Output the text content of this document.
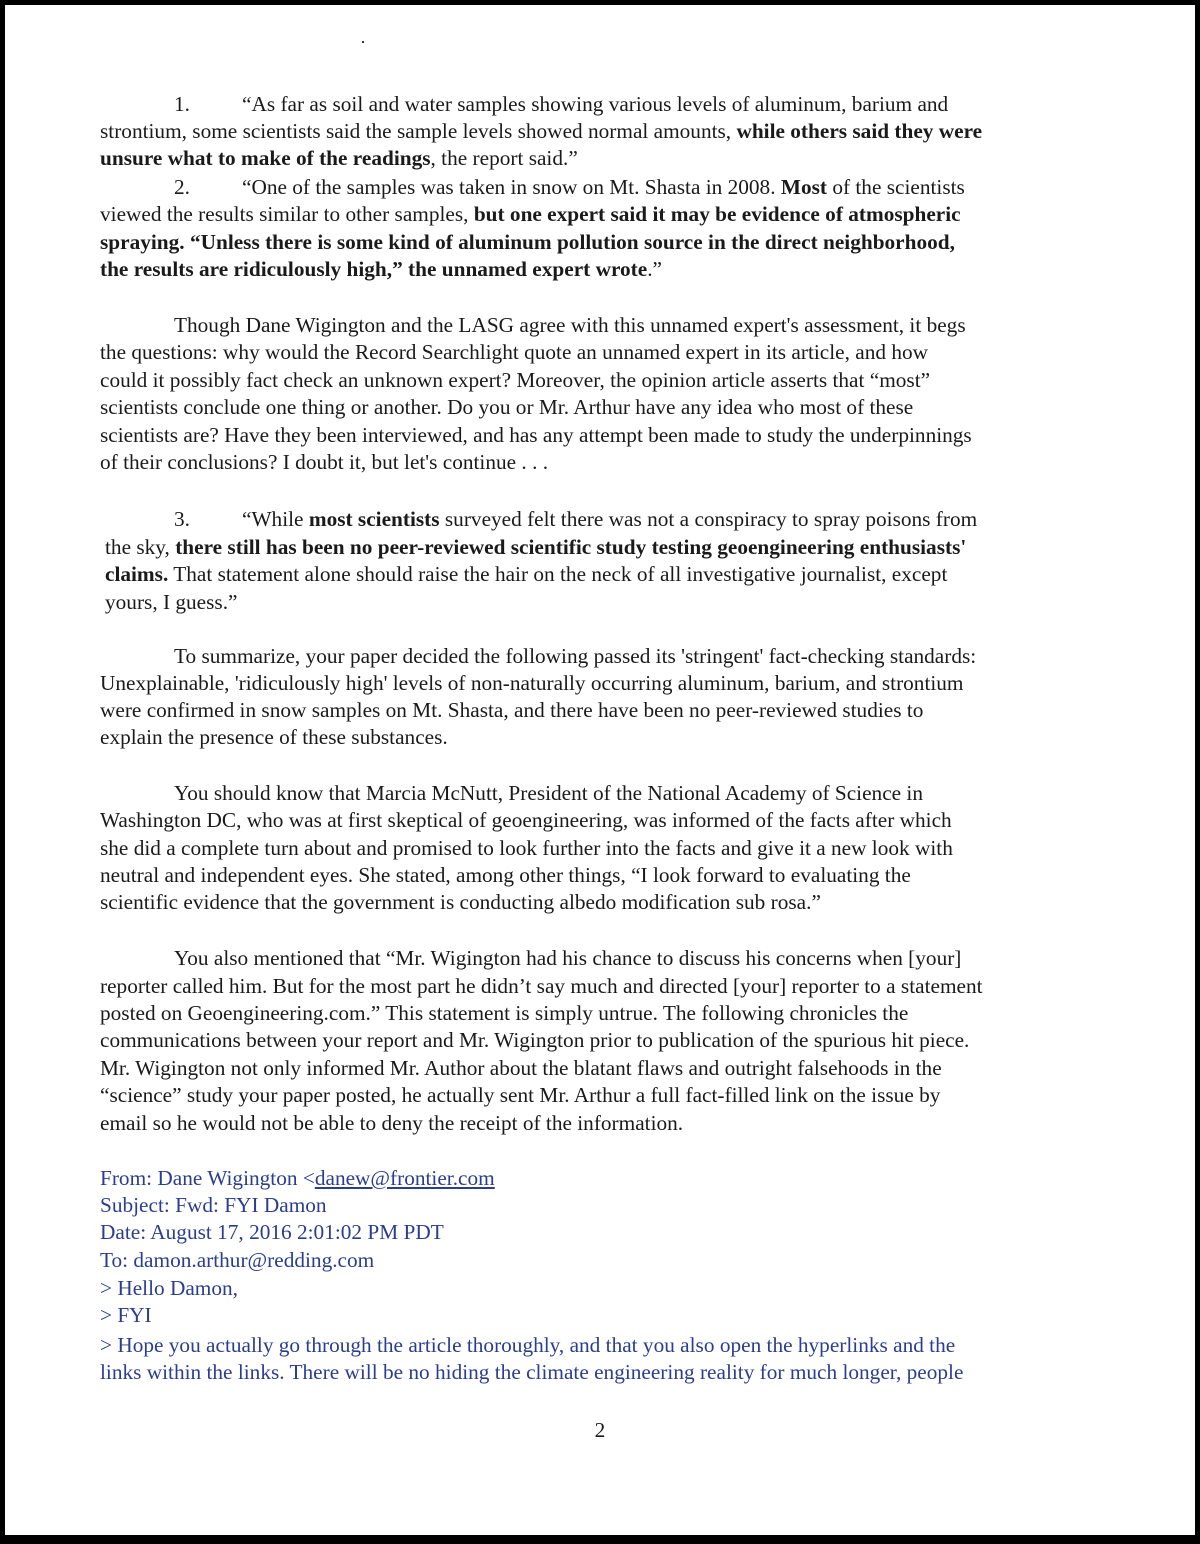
1. “As far as soil and water samples showing various levels of aluminum, barium and
strontium, some scientists said the sample levels showed normal amounts, while others said they were
unsure what to make of the readings, the report said.”
2. “One of the samples was taken in snow on Mt. Shasta in 2008. Most of the scientists
viewed the results similar to other samples, but one expert said it may be evidence of atmospheric
spraying. “Unless there is some kind of aluminum pollution source in the direct neighborhood,
the results are ridiculously high,” the unnamed expert wrote.”
Though Dane Wigington and the LASG agree with this unnamed expert's assessment, it begs
the questions: why would the Record Searchlight quote an unnamed expert in its article, and how
could it possibly fact check an unknown expert? Moreover, the opinion article asserts that “most”
scientists conclude one thing or another. Do you or Mr. Arthur have any idea who most of these
scientists are? Have they been interviewed, and has any attempt been made to study the underpinnings
of their conclusions? I doubt it, but let's continue . . .
3. “While most scientists surveyed felt there was not a conspiracy to spray poisons from
the sky, there still has been no peer-reviewed scientific study testing geoengineering enthusiasts'
claims. That statement alone should raise the hair on the neck of all investigative journalist, except
yours, I guess.”
To summarize, your paper decided the following passed its 'stringent' fact-checking standards:
Unexplainable, 'ridiculously high' levels of non-naturally occurring aluminum, barium, and strontium
were confirmed in snow samples on Mt. Shasta, and there have been no peer-reviewed studies to
explain the presence of these substances.
You should know that Marcia McNutt, President of the National Academy of Science in
Washington DC, who was at first skeptical of geoengineering, was informed of the facts after which
she did a complete turn about and promised to look further into the facts and give it a new look with
neutral and independent eyes. She stated, among other things, “I look forward to evaluating the
scientific evidence that the government is conducting albedo modification sub rosa.”
You also mentioned that “Mr. Wigington had his chance to discuss his concerns when [your]
reporter called him. But for the most part he didn’t say much and directed [your] reporter to a statement
posted on Geoengineering.com.” This statement is simply untrue. The following chronicles the
communications between your report and Mr. Wigington prior to publication of the spurious hit piece.
Mr. Wigington not only informed Mr. Author about the blatant flaws and outright falsehoods in the
“science” study your paper posted, he actually sent Mr. Arthur a full fact-filled link on the issue by
email so he would not be able to deny the receipt of the information.
From: Dane Wigington <danew@frontier.com
Subject: Fwd: FYI Damon
Date: August 17, 2016 2:01:02 PM PDT
To: damon.arthur@redding.com
> Hello Damon,
> FYI
> Hope you actually go through the article thoroughly, and that you also open the hyperlinks and the
links within the links. There will be no hiding the climate engineering reality for much longer, people
2
